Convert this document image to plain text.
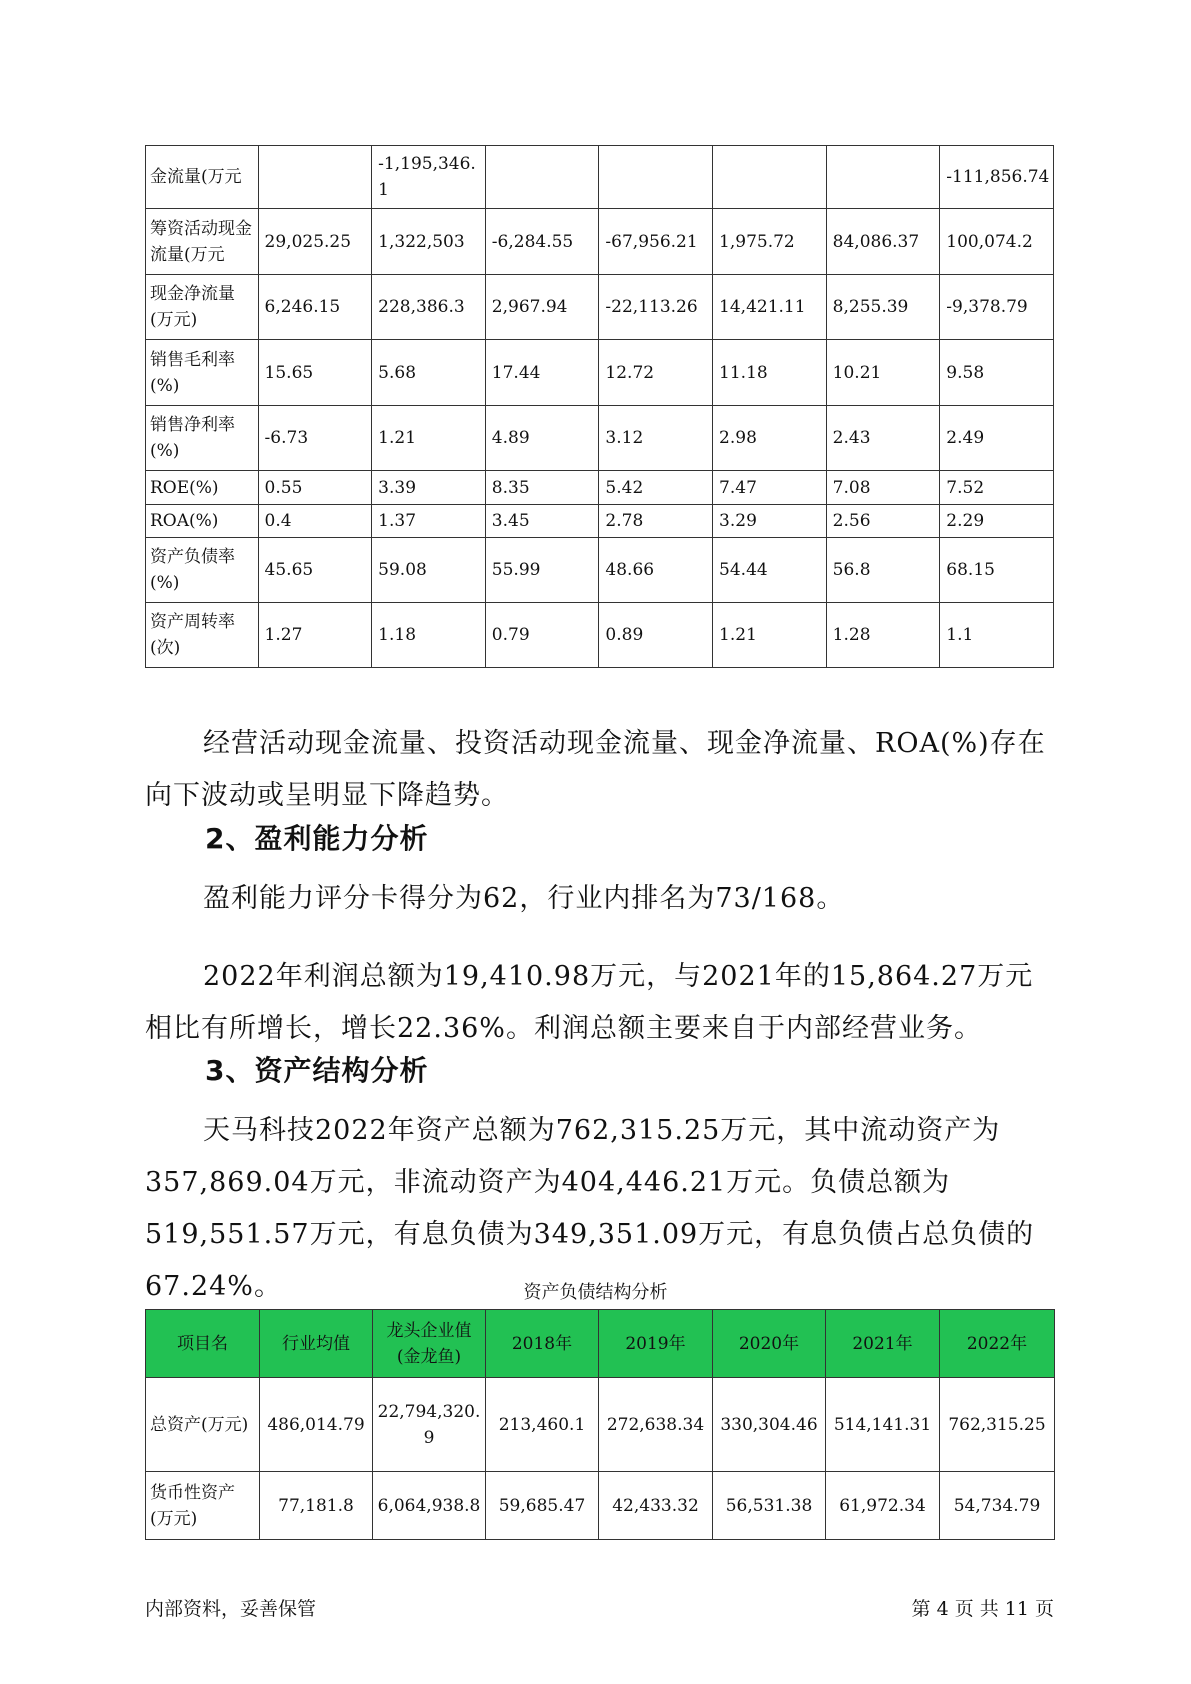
金流量(万元		-1,195,346.1					-111,856.74
筹资活动现金流量(万元	29,025.25	1,322,503	-6,284.55	-67,956.21	1,975.72	84,086.37	100,074.2
现金净流量(万元)	6,246.15	228,386.3	2,967.94	-22,113.26	14,421.11	8,255.39	-9,378.79
销售毛利率(%)	15.65	5.68	17.44	12.72	11.18	10.21	9.58
销售净利率(%)	-6.73	1.21	4.89	3.12	2.98	2.43	2.49
ROE(%)	0.55	3.39	8.35	5.42	7.47	7.08	7.52
ROA(%)	0.4	1.37	3.45	2.78	3.29	2.56	2.29
资产负债率(%)	45.65	59.08	55.99	48.66	54.44	56.8	68.15
资产周转率(次)	1.27	1.18	0.79	0.89	1.21	1.28	1.1

经营活动现金流量、投资活动现金流量、现金净流量、ROA(%)存在向下波动或呈明显下降趋势。

2、盈利能力分析

盈利能力评分卡得分为62，行业内排名为73/168。

2022年利润总额为19,410.98万元，与2021年的15,864.27万元相比有所增长，增长22.36%。利润总额主要来自于内部经营业务。

3、资产结构分析

天马科技2022年资产总额为762,315.25万元，其中流动资产为357,869.04万元，非流动资产为404,446.21万元。负债总额为519,551.57万元，有息负债为349,351.09万元，有息负债占总负债的67.24%。	资产负债结构分析
项目名	行业均值	龙头企业值(金龙鱼)	2018年	2019年	2020年	2021年	2022年
总资产(万元)	486,014.79	22,794,320.9	213,460.1	272,638.34	330,304.46	514,141.31	762,315.25
货币性资产(万元)	77,181.8	6,064,938.8	59,685.47	42,433.32	56,531.38	61,972.34	54,734.79
内部资料，妥善保管	第 4 页 共 11 页
